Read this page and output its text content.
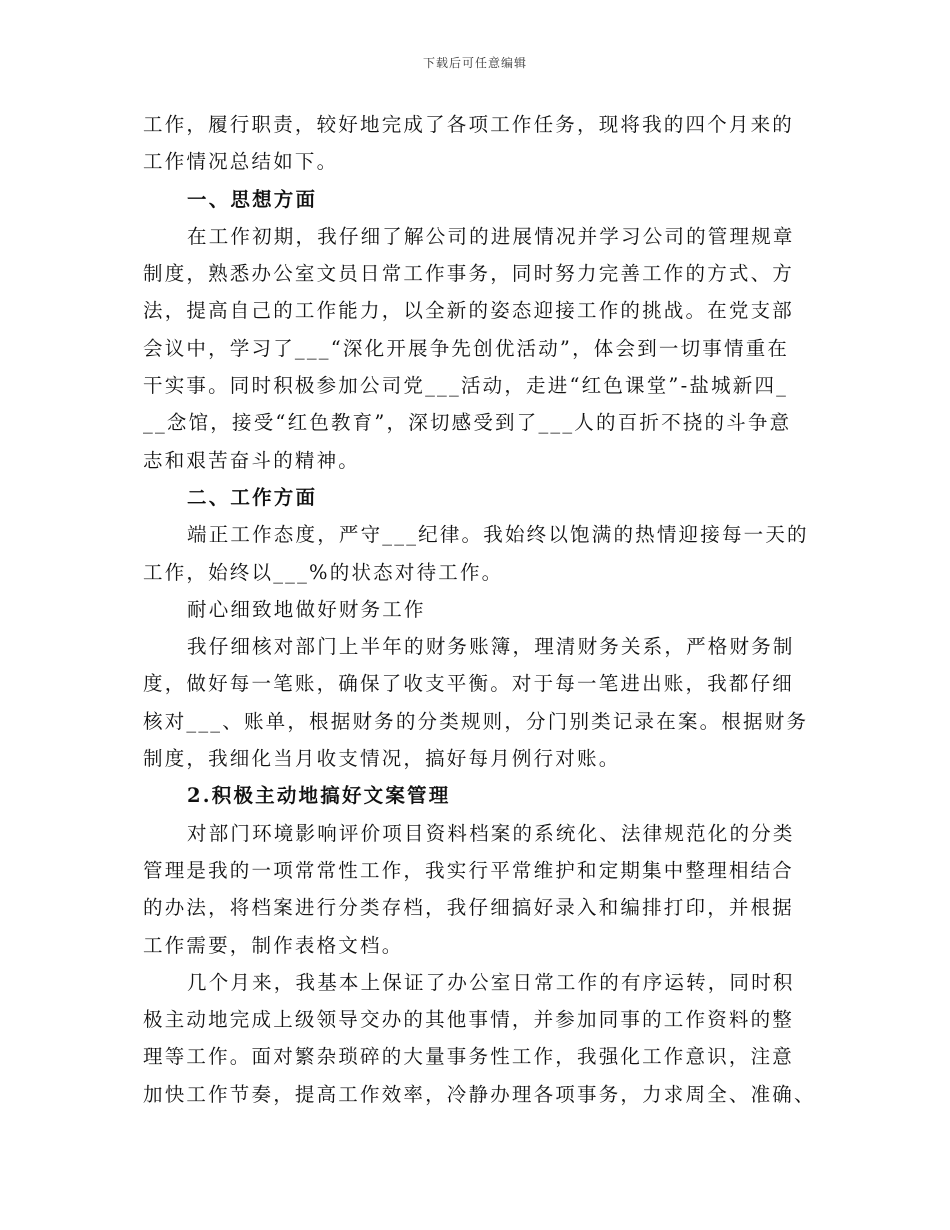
下载后可任意编辑
工作，履行职责，较好地完成了各项工作任务，现将我的四个月来的
工作情况总结如下。
一、思想方面
在工作初期，我仔细了解公司的进展情况并学习公司的管理规章
制度，熟悉办公室文员日常工作事务，同时努力完善工作的方式、方
法，提高自己的工作能力，以全新的姿态迎接工作的挑战。在党支部
会议中，学习了___“深化开展争先创优活动”，体会到一切事情重在
干实事。同时积极参加公司党___活动，走进“红色课堂”-盐城新四_
__念馆，接受“红色教育”，深切感受到了___人的百折不挠的斗争意
志和艰苦奋斗的精神。
二、工作方面
端正工作态度，严守___纪律。我始终以饱满的热情迎接每一天的
工作，始终以___%的状态对待工作。
耐心细致地做好财务工作
我仔细核对部门上半年的财务账簿，理清财务关系，严格财务制
度，做好每一笔账，确保了收支平衡。对于每一笔进出账，我都仔细
核对___、账单，根据财务的分类规则，分门别类记录在案。根据财务
制度，我细化当月收支情况，搞好每月例行对账。
2.积极主动地搞好文案管理
对部门环境影响评价项目资料档案的系统化、法律规范化的分类
管理是我的一项常常性工作，我实行平常维护和定期集中整理相结合
的办法，将档案进行分类存档，我仔细搞好录入和编排打印，并根据
工作需要，制作表格文档。
几个月来，我基本上保证了办公室日常工作的有序运转，同时积
极主动地完成上级领导交办的其他事情，并参加同事的工作资料的整
理等工作。面对繁杂琐碎的大量事务性工作，我强化工作意识，注意
加快工作节奏，提高工作效率，冷静办理各项事务，力求周全、准确、
